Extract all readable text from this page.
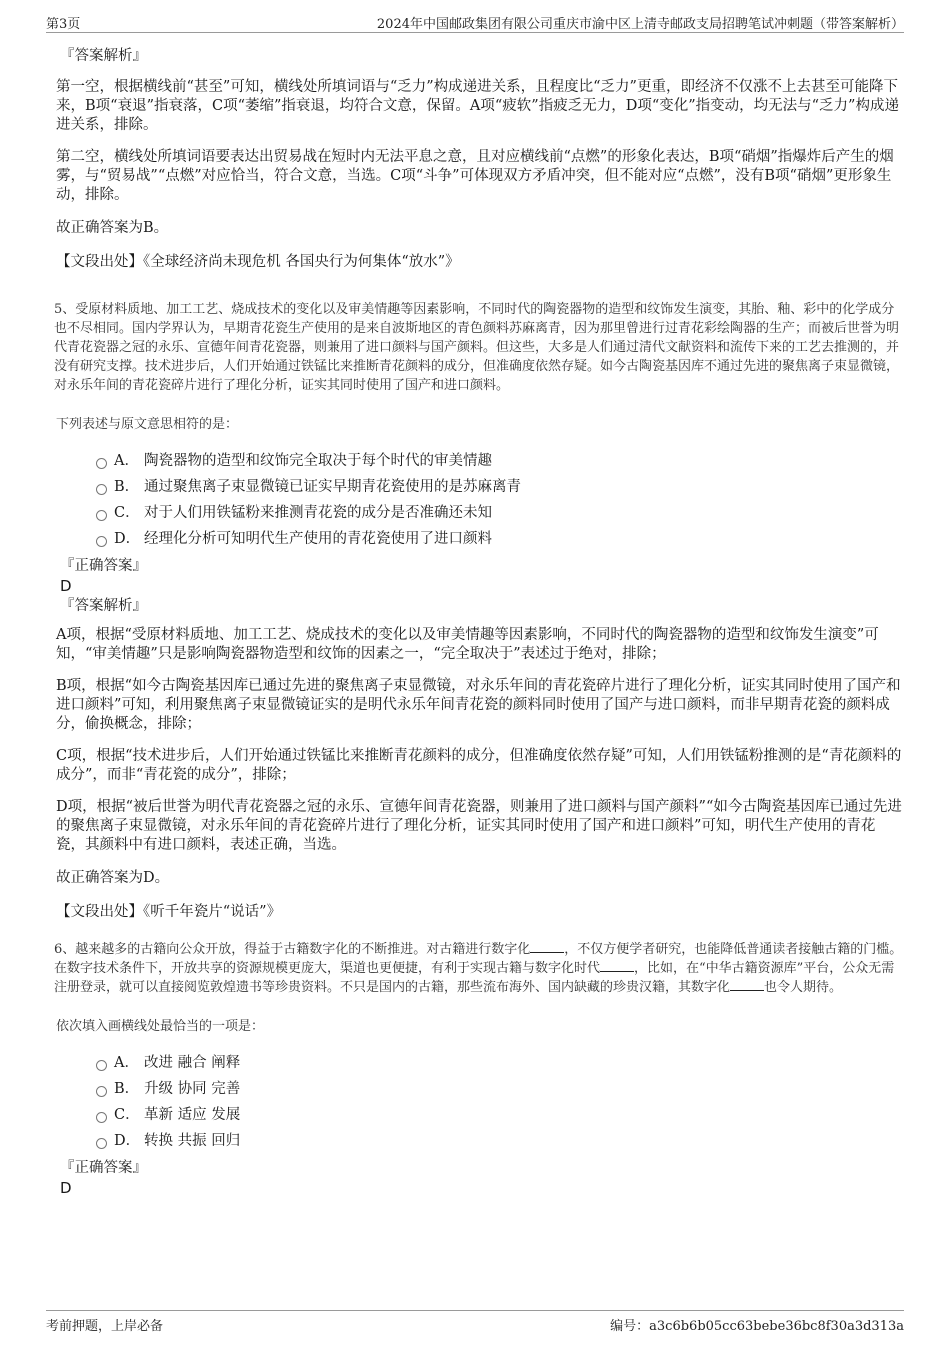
第3页	2024年中国邮政集团有限公司重庆市渝中区上清寺邮政支局招聘笔试冲刺题（带答案解析）
『答案解析』

第一空，根据横线前“甚至”可知，横线处所填词语与“乏力”构成递进关系，且程度比“乏力”更重，即经济不仅涨不上去甚至可能降下来，B项“衰退”指衰落，C项“萎缩”指衰退，均符合文意，保留。A项“疲软”指疲乏无力，D项“变化”指变动，均无法与“乏力”构成递进关系，排除。

第二空，横线处所填词语要表达出贸易战在短时内无法平息之意，且对应横线前“点燃”的形象化表达，B项“硝烟”指爆炸后产生的烟雾，与“贸易战”“点燃”对应恰当，符合文意，当选。C项“斗争”可体现双方矛盾冲突，但不能对应“点燃”，没有B项“硝烟”更形象生动，排除。

故正确答案为B。

【文段出处】《全球经济尚未现危机 各国央行为何集体“放水”》

5、受原材料质地、加工工艺、烧成技术的变化以及审美情趣等因素影响，不同时代的陶瓷器物的造型和纹饰发生演变，其胎、釉、彩中的化学成分也不尽相同。国内学界认为，早期青花瓷生产使用的是来自波斯地区的青色颜料苏麻离青，因为那里曾进行过青花彩绘陶器的生产；而被后世誉为明代青花瓷器之冠的永乐、宣德年间青花瓷器，则兼用了进口颜料与国产颜料。但这些，大多是人们通过清代文献资料和流传下来的工艺去推测的，并没有研究支撑。技术进步后，人们开始通过铁锰比来推断青花颜料的成分，但准确度依然存疑。如今古陶瓷基因库不通过先进的聚焦离子束显微镜，对永乐年间的青花瓷碎片进行了理化分析，证实其同时使用了国产和进口颜料。

下列表述与原文意思相符的是：

A． 陶瓷器物的造型和纹饰完全取决于每个时代的审美情趣
B． 通过聚焦离子束显微镜已证实早期青花瓷使用的是苏麻离青
C． 对于人们用铁锰粉来推测青花瓷的成分是否准确还未知
D． 经理化分析可知明代生产使用的青花瓷使用了进口颜料
『正确答案』
D
『答案解析』

A项，根据“受原材料质地、加工工艺、烧成技术的变化以及审美情趣等因素影响，不同时代的陶瓷器物的造型和纹饰发生演变”可知，“审美情趣”只是影响陶瓷器物造型和纹饰的因素之一，“完全取决于”表述过于绝对，排除；

B项，根据“如今古陶瓷基因库已通过先进的聚焦离子束显微镜，对永乐年间的青花瓷碎片进行了理化分析，证实其同时使用了国产和进口颜料”可知，利用聚焦离子束显微镜证实的是明代永乐年间青花瓷的颜料同时使用了国产与进口颜料，而非早期青花瓷的颜料成分，偷换概念，排除；

C项，根据“技术进步后，人们开始通过铁锰比来推断青花颜料的成分，但准确度依然存疑”可知，人们用铁锰粉推测的是“青花颜料的成分”，而非“青花瓷的成分”，排除；

D项，根据“被后世誉为明代青花瓷器之冠的永乐、宣德年间青花瓷器，则兼用了进口颜料与国产颜料”“如今古陶瓷基因库已通过先进的聚焦离子束显微镜，对永乐年间的青花瓷碎片进行了理化分析，证实其同时使用了国产和进口颜料”可知，明代生产使用的青花瓷，其颜料中有进口颜料，表述正确，当选。

故正确答案为D。

【文段出处】《听千年瓷片“说话”》

6、越来越多的古籍向公众开放，得益于古籍数字化的不断推进。对古籍进行数字化	，不仅方便学者研究，也能降低普通读者接触古籍的门槛。在数字技术条件下，开放共享的资源规模更庞大，渠道也更便捷，有利于实现古籍与数字化时代	，比如，在“中华古籍资源库”平台，公众无需注册登录，就可以直接阅览敦煌遗书等珍贵资料。不只是国内的古籍，那些流布海外、国内缺藏的珍贵汉籍，其数字化	也令人期待。

依次填入画横线处最恰当的一项是：

A． 改进 融合 阐释
B． 升级 协同 完善
C． 革新 适应 发展
D． 转换 共振 回归
『正确答案』
D
考前押题，上岸必备	编号：a3c6b6b05cc63bebe36bc8f30a3d313a
